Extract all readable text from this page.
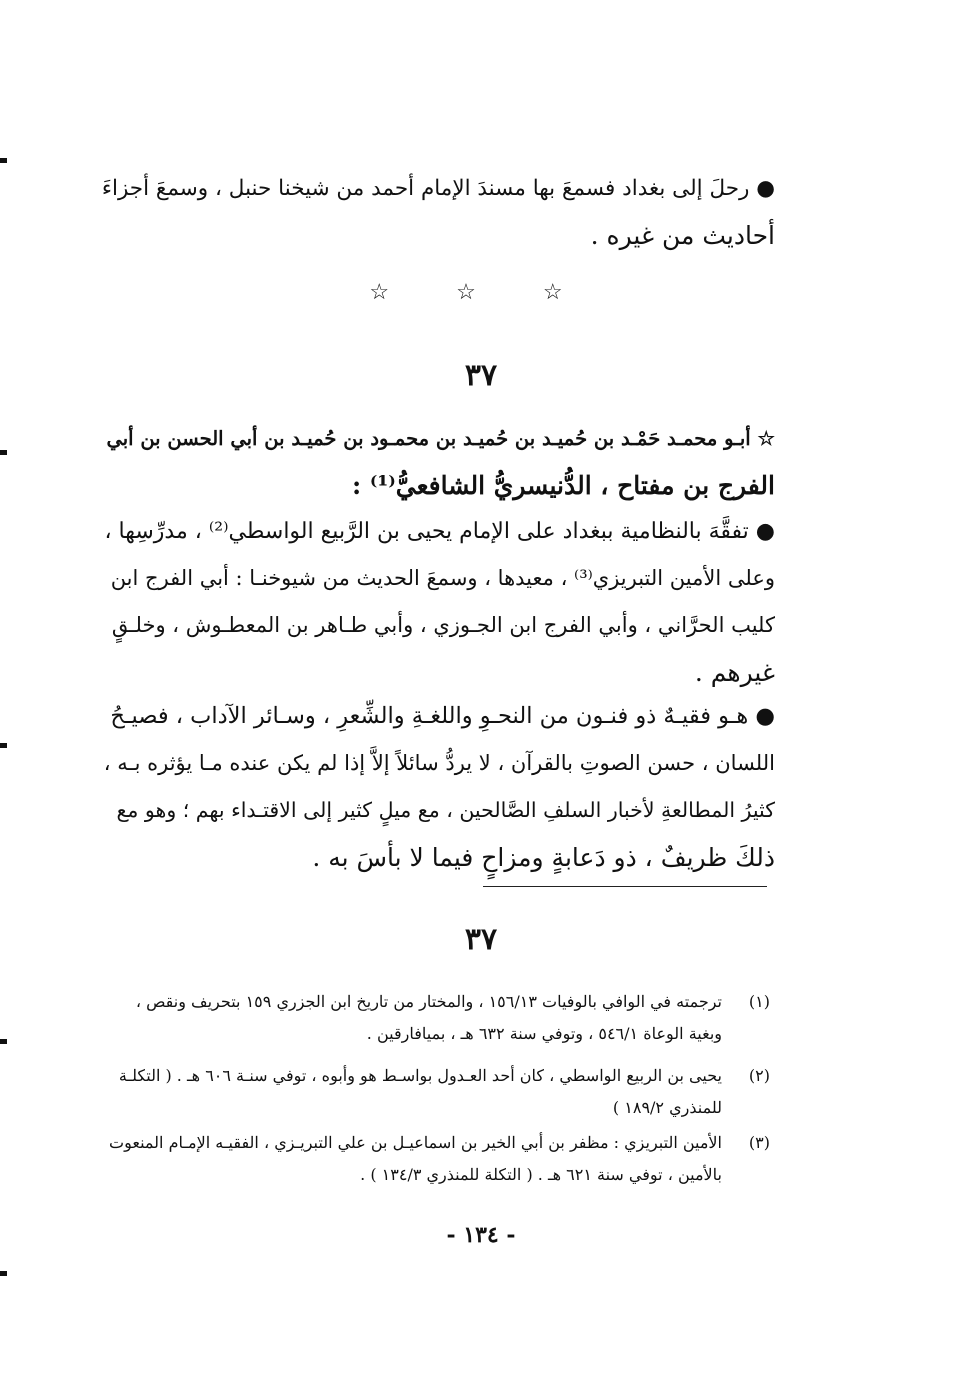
● رحلَ إلى بغداد فسمعَ بها مسندَ الإمام أحمد من شيخنا حنبل ، وسمعَ أجزاءَ
أحاديث من غيره .
☆ ☆ ☆
٣٧
☆ أبـو محمـد حَمْـد بن حُميـد بن حُميـد بن محمـود بن حُميـد بن أبي الحسن بن أبي
الفرج بن مفتاح ، الدُّنيسريُّ الشافعيُّ⁽¹⁾ :
● تفقَّهَ بالنظامية ببغداد على الإمام يحيى بن الرَّبيع الواسطي⁽²⁾ ، مدرِّسِها ،
وعلى الأمين التبريزي⁽³⁾ ، معيدها ، وسمعَ الحديث من شيوخنـا : أبي الفرج ابن
كليب الحرَّاني ، وأبي الفرج ابن الجـوزي ، وأبي طـاهر بن المعطـوش ، وخلـقٍ
غيرهم .
● هـو فقيـهٌ ذو فنـون من النحـوِ واللغـةِ والشِّعرِ ، وسـائر الآداب ، فصيـحُ
اللسان ، حسن الصوتِ بالقرآن ، لا يردُّ سائلاً إلاَّ إذا لم يكن عنده مـا يؤثره بـه ،
كثيرُ المطالعةِ لأخبار السلفِ الصَّالحين ، مع ميلٍ كثير إلى الاقتـداء بهم ؛ وهو مع
ذلكَ ظريفٌ ، ذو دَعابةٍ ومزاحٍ فيما لا بأسَ به .
٣٧
(١)
ترجمته في الوافي بالوفيات ١٥٦/١٣ ، والمختار من تاريخ ابن الجزري ١٥٩ بتحريف ونقص ،
وبغية الوعاة ٥٤٦/١ ، وتوفي سنة ٦٣٢ هـ ، بميافارقين .
(٢)
يحيى بن الربيع الواسطي ، كان أحد العـدول بواسـط هو وأبوه ، توفي سنـة ٦٠٦ هـ . ( التكلـة
للمنذري ١٨٩/٢ )
(٣)
الأمين التبريزي : مظفر بن أبي الخير بن اسماعيـل بن علي التبريـزي ، الفقيـه الإمـام المنعوت
بالأمين ، توفي سنة ٦٢١ هـ . ( التكلة للمنذري ١٣٤/٣ ) .
- ١٣٤ -
